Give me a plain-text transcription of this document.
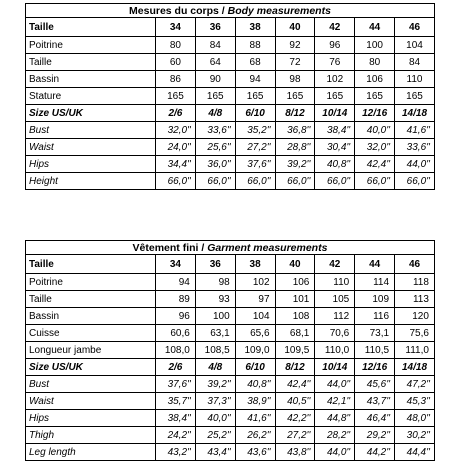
Mesures du corps / Body measurements							
Taille	34	36	38	40	42	44	46
Poitrine	80	84	88	92	96	100	104
Taille	60	64	68	72	76	80	84
Bassin	86	90	94	98	102	106	110
Stature	165	165	165	165	165	165	165
Size US/UK	2/6	4/8	6/10	8/12	10/14	12/16	14/18
Bust	32,0''	33,6''	35,2''	36,8''	38,4''	40,0''	41,6''
Waist	24,0''	25,6''	27,2''	28,8''	30,4''	32,0''	33,6''
Hips	34,4''	36,0''	37,6''	39,2''	40,8''	42,4''	44,0''
Height	66,0''	66,0''	66,0''	66,0''	66,0''	66,0''	66,0''
Vêtement fini / Garment measurements							
Taille	34	36	38	40	42	44	46
Poitrine	94	98	102	106	110	114	118
Taille	89	93	97	101	105	109	113
Bassin	96	100	104	108	112	116	120
Cuisse	60,6	63,1	65,6	68,1	70,6	73,1	75,6
Longueur jambe	108,0	108,5	109,0	109,5	110,0	110,5	111,0
Size US/UK	2/6	4/8	6/10	8/12	10/14	12/16	14/18
Bust	37,6''	39,2''	40,8''	42,4''	44,0''	45,6''	47,2''
Waist	35,7''	37,3''	38,9''	40,5''	42,1''	43,7''	45,3''
Hips	38,4''	40,0''	41,6''	42,2''	44,8''	46,4''	48,0''
Thigh	24,2''	25,2''	26,2''	27,2''	28,2''	29,2''	30,2''
Leg length	43,2''	43,4''	43,6''	43,8''	44,0''	44,2''	44,4''
